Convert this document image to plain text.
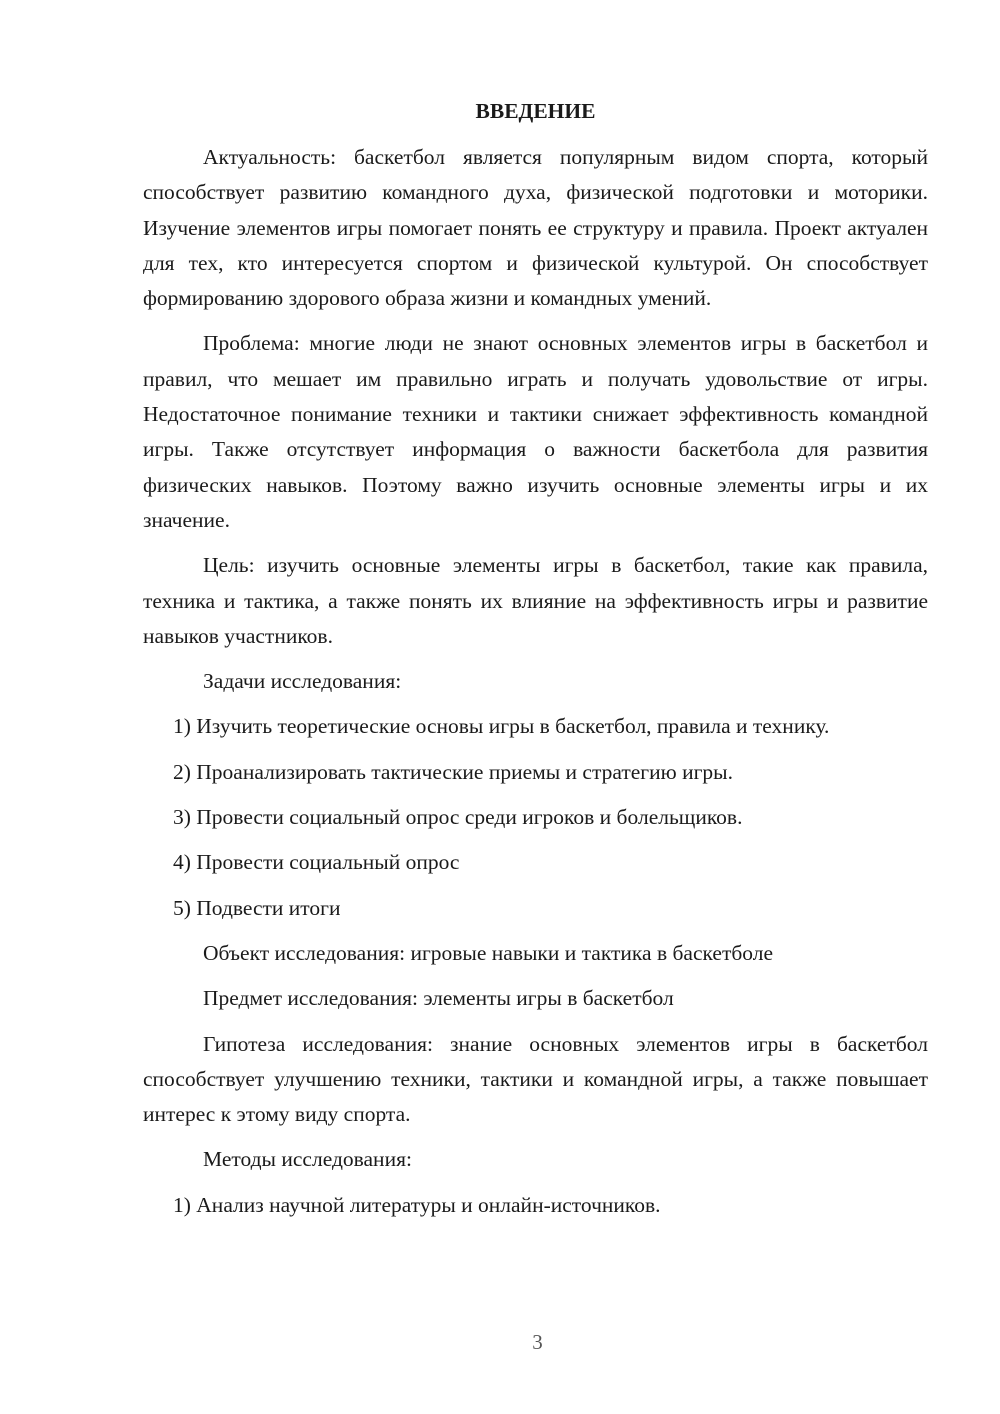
ВВЕДЕНИЕ

Актуальность: баскетбол является популярным видом спорта, который способствует развитию командного духа, физической подготовки и моторики. Изучение элементов игры помогает понять ее структуру и правила. Проект актуален для тех, кто интересуется спортом и физической культурой. Он способствует формированию здорового образа жизни и командных умений.

Проблема: многие люди не знают основных элементов игры в баскетбол и правил, что мешает им правильно играть и получать удовольствие от игры. Недостаточное понимание техники и тактики снижает эффективность командной игры. Также отсутствует информация о важности баскетбола для развития физических навыков. Поэтому важно изучить основные элементы игры и их значение.

Цель: изучить основные элементы игры в баскетбол, такие как правила, техника и тактика, а также понять их влияние на эффективность игры и развитие навыков участников.

Задачи исследования:

1) Изучить теоретические основы игры в баскетбол, правила и технику.

2) Проанализировать тактические приемы и стратегию игры.

3) Провести социальный опрос среди игроков и болельщиков.

4) Провести социальный опрос

5) Подвести итоги

Объект исследования: игровые навыки и тактика в баскетболе

Предмет исследования: элементы игры в баскетбол

Гипотеза исследования: знание основных элементов игры в баскетбол способствует улучшению техники, тактики и командной игры, а также повышает интерес к этому виду спорта.

Методы исследования:

1) Анализ научной литературы и онлайн-источников.

3
